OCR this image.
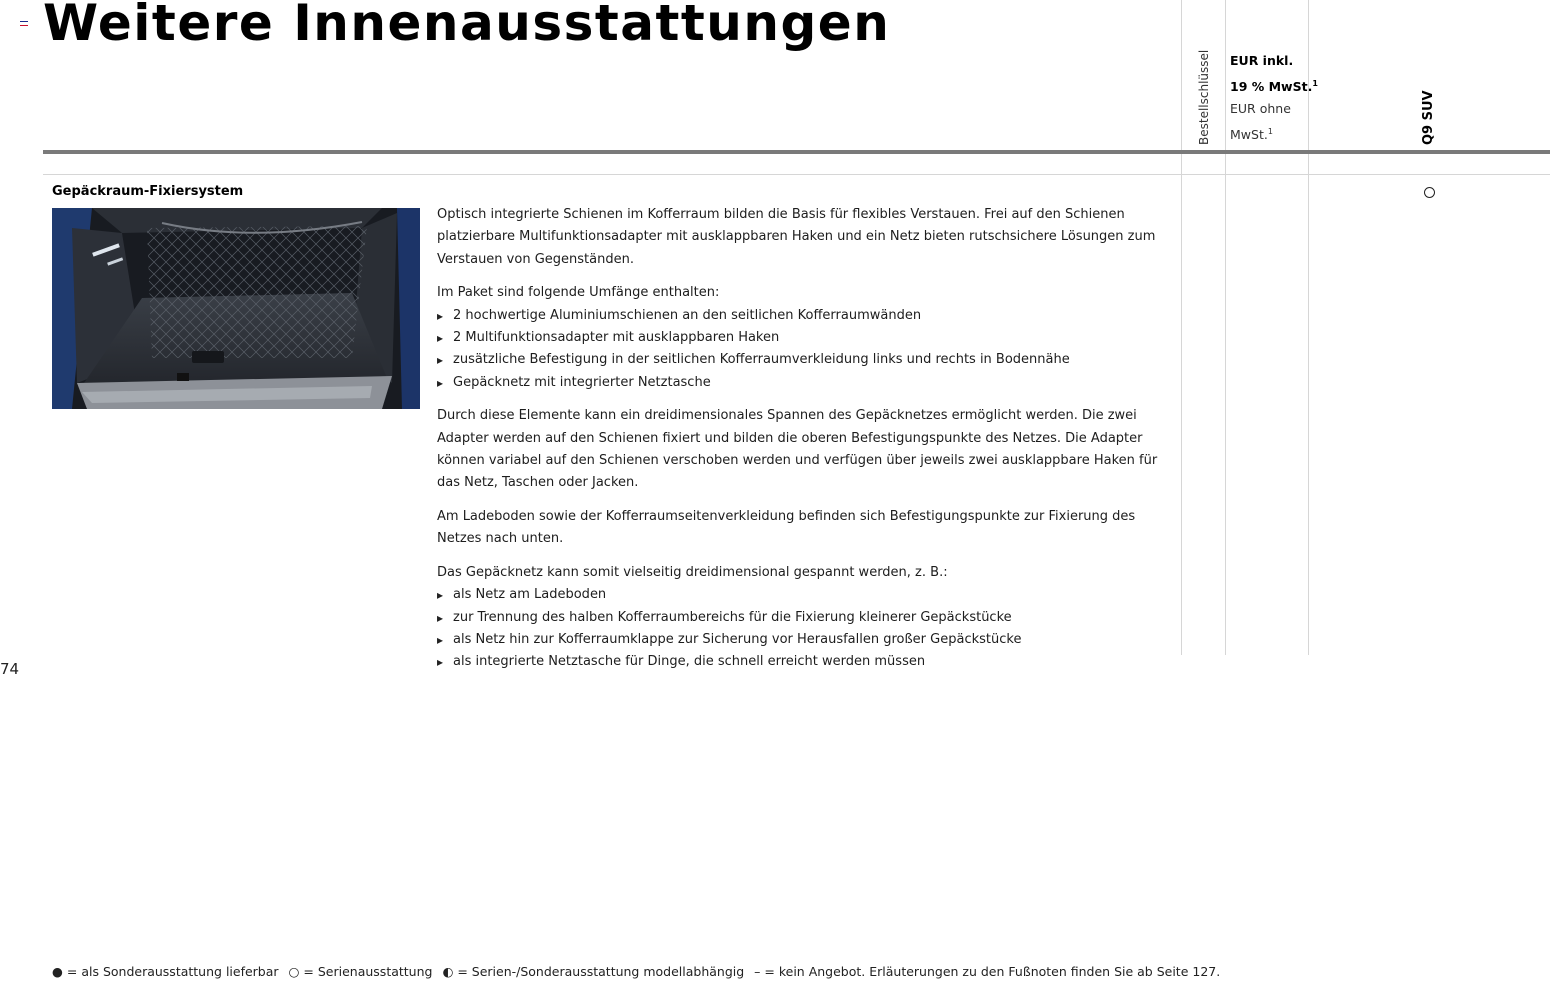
Weitere Innenausstattungen
Bestellschlüssel EUR inkl.
19 % MwSt.$^1$
EUR ohne
MwSt.$^1$	Q9 SUV
Gepäckraum-Fixiersystem

Optisch integrierte Schienen im Kofferraum bilden die Basis für flexibles Verstauen. Frei auf den Schienen platzierbare Multifunktionsadapter mit ausklappbaren Haken und ein Netz bieten rutschsichere Lösungen zum Verstauen von Gegenständen.

Im Paket sind folgende Umfänge enthalten:
▸ 2 hochwertige Aluminiumschienen an den seitlichen Kofferraumwänden
▸ 2 Multifunktionsadapter mit ausklappbaren Haken
▸ zusätzliche Befestigung in der seitlichen Kofferraumverkleidung links und rechts in Bodennähe
▸ Gepäcknetz mit integrierter Netztasche

Durch diese Elemente kann ein dreidimensionales Spannen des Gepäcknetzes ermöglicht werden. Die zwei Adapter werden auf den Schienen fixiert und bilden die oberen Befestigungspunkte des Netzes. Die Adapter können variabel auf den Schienen verschoben werden und verfügen über jeweils zwei ausklappbare Haken für das Netz, Taschen oder Jacken.

Am Ladeboden sowie der Kofferraumseitenverkleidung befinden sich Befestigungspunkte zur Fixierung des Netzes nach unten.

Das Gepäcknetz kann somit vielseitig dreidimensional gespannt werden, z. B.:
▸ als Netz am Ladeboden
▸ zur Trennung des halben Kofferraumbereichs für die Fixierung kleinerer Gepäckstücke
▸ als Netz hin zur Kofferraumklappe zur Sicherung vor Herausfallen großer Gepäckstücke
▸ als integrierte Netztasche für Dinge, die schnell erreicht werden müssen
74
● = als Sonderausstattung lieferbar ○ = Serienausstattung ◐ = Serien-/Sonderausstattung modellabhängig – = kein Angebot. Erläuterungen zu den Fußnoten finden Sie ab Seite 127.
